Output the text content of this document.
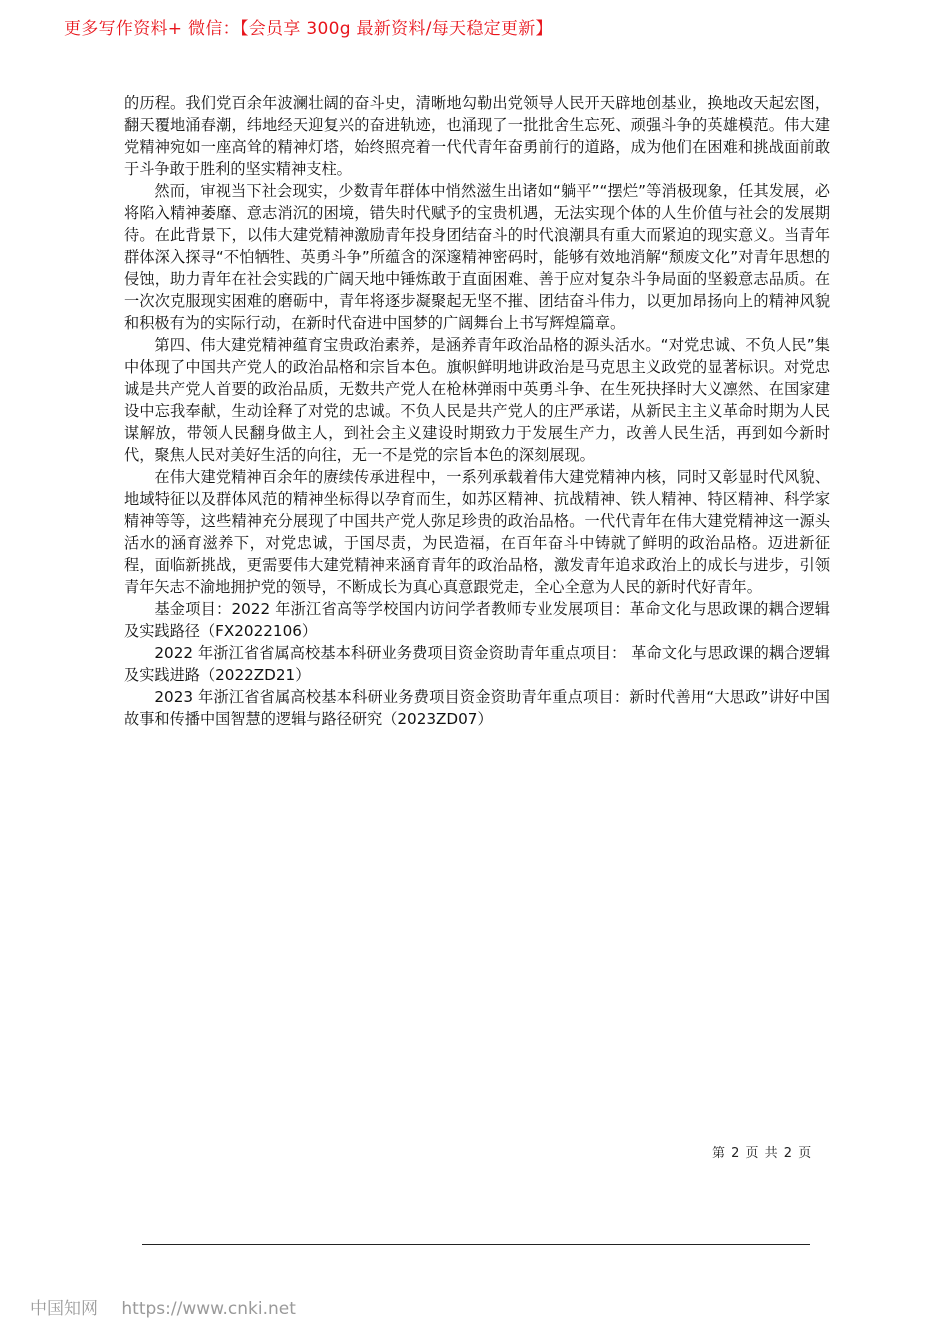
更多写作资料+ 微信：【会员享 300g 最新资料/每天稳定更新】

的历程。我们党百余年波澜壮阔的奋斗史，清晰地勾勒出党领导人民开天辟地创基业，换地改天起宏图，翻天覆地涌春潮，纬地经天迎复兴的奋进轨迹，也涌现了一批批舍生忘死、顽强斗争的英雄模范。伟大建党精神宛如一座高耸的精神灯塔，始终照亮着一代代青年奋勇前行的道路，成为他们在困难和挑战面前敢于斗争敢于胜利的坚实精神支柱。

然而，审视当下社会现实，少数青年群体中悄然滋生出诸如“躺平”“摆烂”等消极现象，任其发展，必将陷入精神萎靡、意志消沉的困境，错失时代赋予的宝贵机遇，无法实现个体的人生价值与社会的发展期待。在此背景下，以伟大建党精神激励青年投身团结奋斗的时代浪潮具有重大而紧迫的现实意义。当青年群体深入探寻“不怕牺牲、英勇斗争”所蕴含的深邃精神密码时，能够有效地消解“颓废文化”对青年思想的侵蚀，助力青年在社会实践的广阔天地中锤炼敢于直面困难、善于应对复杂斗争局面的坚毅意志品质。在一次次克服现实困难的磨砺中，青年将逐步凝聚起无坚不摧、团结奋斗伟力，以更加昂扬向上的精神风貌和积极有为的实际行动，在新时代奋进中国梦的广阔舞台上书写辉煌篇章。

第四、伟大建党精神蕴育宝贵政治素养，是涵养青年政治品格的源头活水。“对党忠诚、不负人民”集中体现了中国共产党人的政治品格和宗旨本色。旗帜鲜明地讲政治是马克思主义政党的显著标识。对党忠诚是共产党人首要的政治品质，无数共产党人在枪林弹雨中英勇斗争、在生死抉择时大义凛然、在国家建设中忘我奉献，生动诠释了对党的忠诚。不负人民是共产党人的庄严承诺，从新民主主义革命时期为人民谋解放，带领人民翻身做主人，到社会主义建设时期致力于发展生产力，改善人民生活，再到如今新时代，聚焦人民对美好生活的向往，无一不是党的宗旨本色的深刻展现。

在伟大建党精神百余年的赓续传承进程中，一系列承载着伟大建党精神内核，同时又彰显时代风貌、地域特征以及群体风范的精神坐标得以孕育而生，如苏区精神、抗战精神、铁人精神、特区精神、科学家精神等等，这些精神充分展现了中国共产党人弥足珍贵的政治品格。一代代青年在伟大建党精神这一源头活水的涵育滋养下，对党忠诚，于国尽责，为民造福，在百年奋斗中铸就了鲜明的政治品格。迈进新征程，面临新挑战，更需要伟大建党精神来涵育青年的政治品格，激发青年追求政治上的成长与进步，引领青年矢志不渝地拥护党的领导，不断成长为真心真意跟党走，全心全意为人民的新时代好青年。

基金项目：2022 年浙江省高等学校国内访问学者教师专业发展项目：革命文化与思政课的耦合逻辑及实践路径（FX2022106）

2022 年浙江省省属高校基本科研业务费项目资金资助青年重点项目： 革命文化与思政课的耦合逻辑及实践进路（2022ZD21）

2023 年浙江省省属高校基本科研业务费项目资金资助青年重点项目：新时代善用“大思政”讲好中国故事和传播中国智慧的逻辑与路径研究（2023ZD07）

第 2 页 共 2 页
中国知网 https://www.cnki.net
